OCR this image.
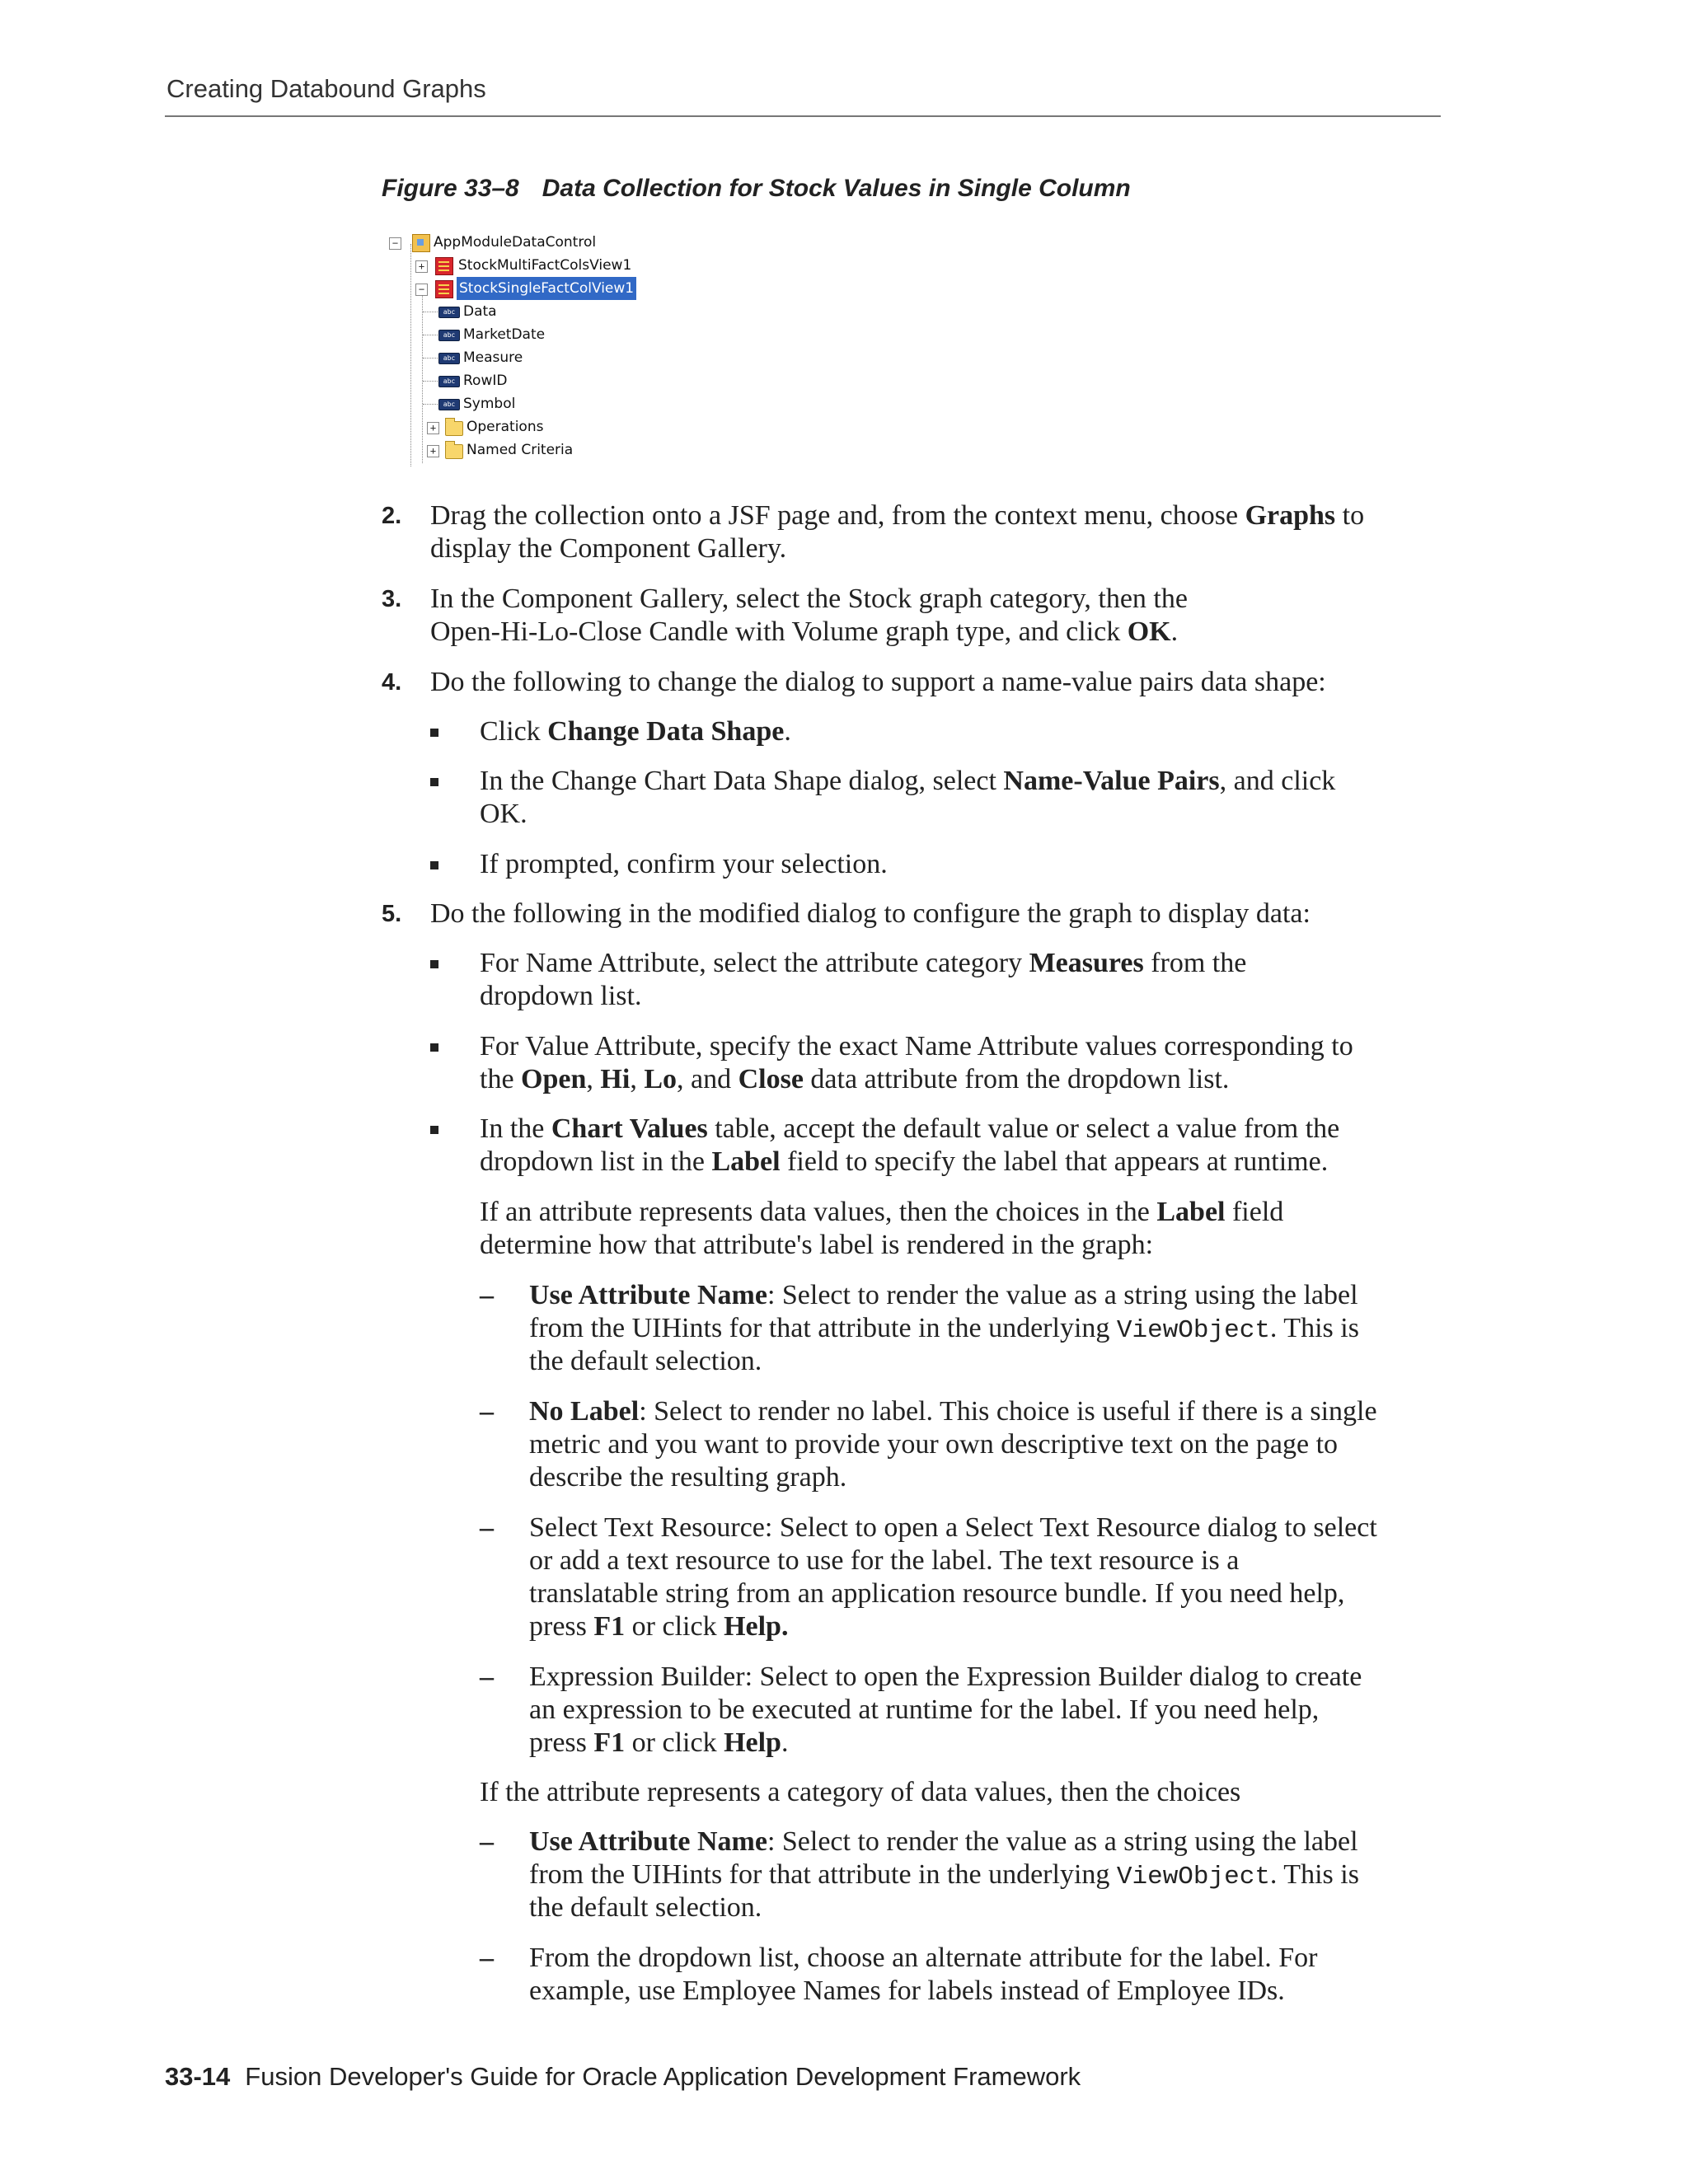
Creating Databound Graphs
Figure 33–8 Data Collection for Stock Values in Single Column
−	AppModuleDataControl
+ StockMultiFactColsView1
− StockSingleFactColView1
abc Data
abc MarketDate
abc Measure
abc RowID
abc Symbol
+ Operations
+ Named Criteria
2. Drag the collection onto a JSF page and, from the context menu, choose Graphs to
display the Component Gallery.
3. In the Component Gallery, select the Stock graph category, then the
Open-Hi-Lo-Close Candle with Volume graph type, and click OK.
4. Do the following to change the dialog to support a name-value pairs data shape:
Click Change Data Shape.
In the Change Chart Data Shape dialog, select Name-Value Pairs, and click
OK.
If prompted, confirm your selection.
5. Do the following in the modified dialog to configure the graph to display data:
For Name Attribute, select the attribute category Measures from the
dropdown list.
For Value Attribute, specify the exact Name Attribute values corresponding to
the Open, Hi, Lo, and Close data attribute from the dropdown list.
In the Chart Values table, accept the default value or select a value from the
dropdown list in the Label field to specify the label that appears at runtime.
If an attribute represents data values, then the choices in the Label field
determine how that attribute's label is rendered in the graph:
– Use Attribute Name: Select to render the value as a string using the label
from the UIHints for that attribute in the underlying ViewObject. This is
the default selection.
– No Label: Select to render no label. This choice is useful if there is a single
metric and you want to provide your own descriptive text on the page to
describe the resulting graph.
– Select Text Resource: Select to open a Select Text Resource dialog to select
or add a text resource to use for the label. The text resource is a
translatable string from an application resource bundle. If you need help,
press F1 or click Help.
– Expression Builder: Select to open the Expression Builder dialog to create
an expression to be executed at runtime for the label. If you need help,
press F1 or click Help.
If the attribute represents a category of data values, then the choices
– Use Attribute Name: Select to render the value as a string using the label
from the UIHints for that attribute in the underlying ViewObject. This is
the default selection.
– From the dropdown list, choose an alternate attribute for the label. For
example, use Employee Names for labels instead of Employee IDs.
33-14 Fusion Developer's Guide for Oracle Application Development Framework
